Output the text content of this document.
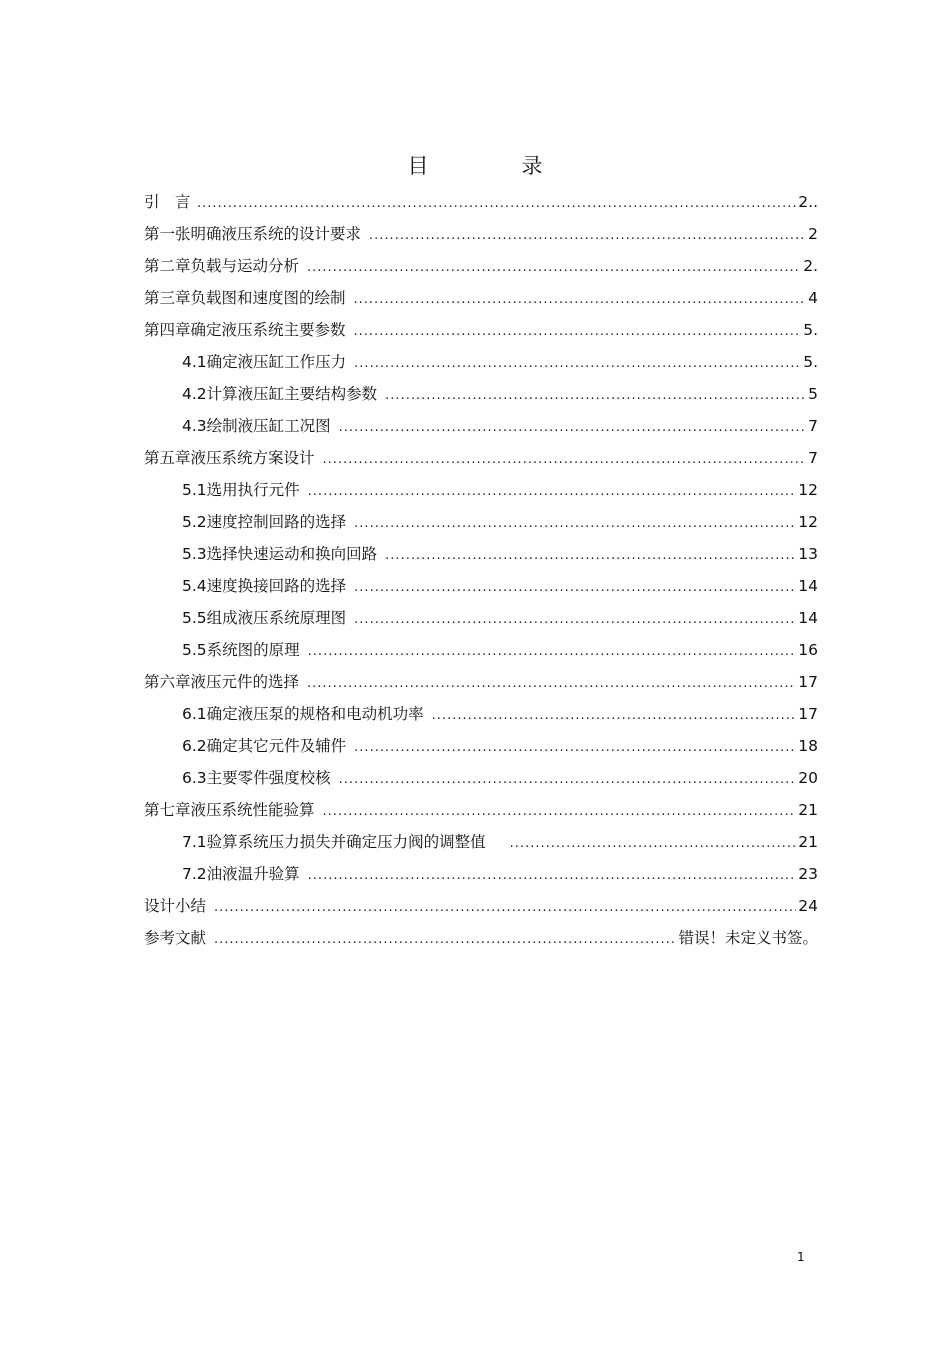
目　录
引　言 .....	2..
第一张 明确液压系统的设计要求 .....	2
第二章 负载与运动分析 .....	2.
第三章 负载图和速度图的绘制 .....	4
第四章 确定液压系统主要参数 .....	5.
4.1 确定液压缸工作压力 .....	5.
4.2 计算液压缸主要结构参数 .....	5
4.3 绘制液压缸工况图 .....	7
第五章 液压系统方案设计 .....	7
5.1 选用执行元件 .....	12
5.2 速度控制回路的选择 .....	12
5.3 选择快速运动和换向回路 .....	13
5.4 速度换接回路的选择 .....	14
5.5 组成液压系统原理图 .....	14
5.5 系统图的原理 .....	16
第六章 液压元件的选择 .....	17
6.1 确定液压泵的规格和电动机功率 .....	17
6.2 确定其它元件及辅件 .....	18
6.3 主要零件强度校核 .....	20
第七章 液压系统性能验算 .....	21
7.1 验算系统压力损失并确定压力阀的调整值 .....	21
7.2 油液温升验算 .....	23
设计小结 .....	24
参考文献 .....	错误！未定义书签。
1
